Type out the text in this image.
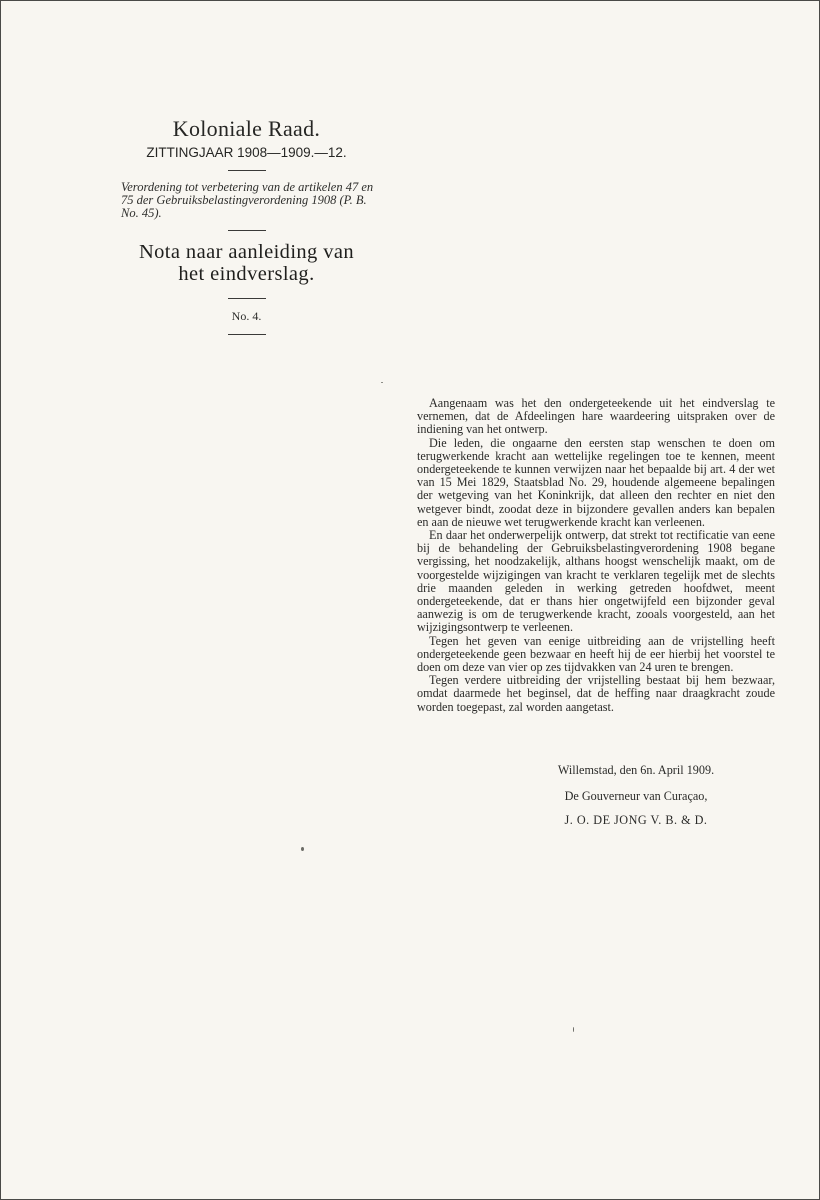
Koloniale Raad.
ZITTINGJAAR 1908—1909.—12.
Verordening tot verbetering van de artikelen 47 en 75 der Gebruiksbelastingverordening 1908 (P. B. No. 45).
Nota naar aanleiding van
het eindverslag.
No. 4.

Aangenaam was het den ondergeteekende uit het eindverslag te vernemen, dat de Afdeelingen hare waardeering uitspraken over de indiening van het ontwerp.

Die leden, die ongaarne den eersten stap wenschen te doen om terugwerkende kracht aan wettelijke regelingen toe te kennen, meent ondergeteekende te kunnen verwijzen naar het bepaalde bij art. 4 der wet van 15 Mei 1829, Staatsblad No. 29, houdende algemeene bepalingen der wetgeving van het Koninkrijk, dat alleen den rechter en niet den wetgever bindt, zoodat deze in bijzondere gevallen anders kan bepalen en aan de nieuwe wet terugwerkende kracht kan verleenen.

En daar het onderwerpelijk ontwerp, dat strekt tot rectificatie van eene bij de behandeling der Gebruiksbelastingverordening 1908 begane vergissing, het noodzakelijk, althans hoogst wenschelijk maakt, om de voorgestelde wijzigingen van kracht te verklaren tegelijk met de slechts drie maanden geleden in werking getreden hoofdwet, meent ondergeteekende, dat er thans hier ongetwijfeld een bijzonder geval aanwezig is om de terugwerkende kracht, zooals voorgesteld, aan het wijzigingsontwerp te verleenen.

Tegen het geven van eenige uitbreiding aan de vrijstelling heeft ondergeteekende geen bezwaar en heeft hij de eer hierbij het voorstel te doen om deze van vier op zes tijdvakken van 24 uren te brengen.

Tegen verdere uitbreiding der vrijstelling bestaat bij hem bezwaar, omdat daarmede het beginsel, dat de heffing naar draagkracht zoude worden toegepast, zal worden aangetast.

Willemstad, den 6n. April 1909.
De Gouverneur van Curaçao,
J. O. DE JONG V. B. & D.
